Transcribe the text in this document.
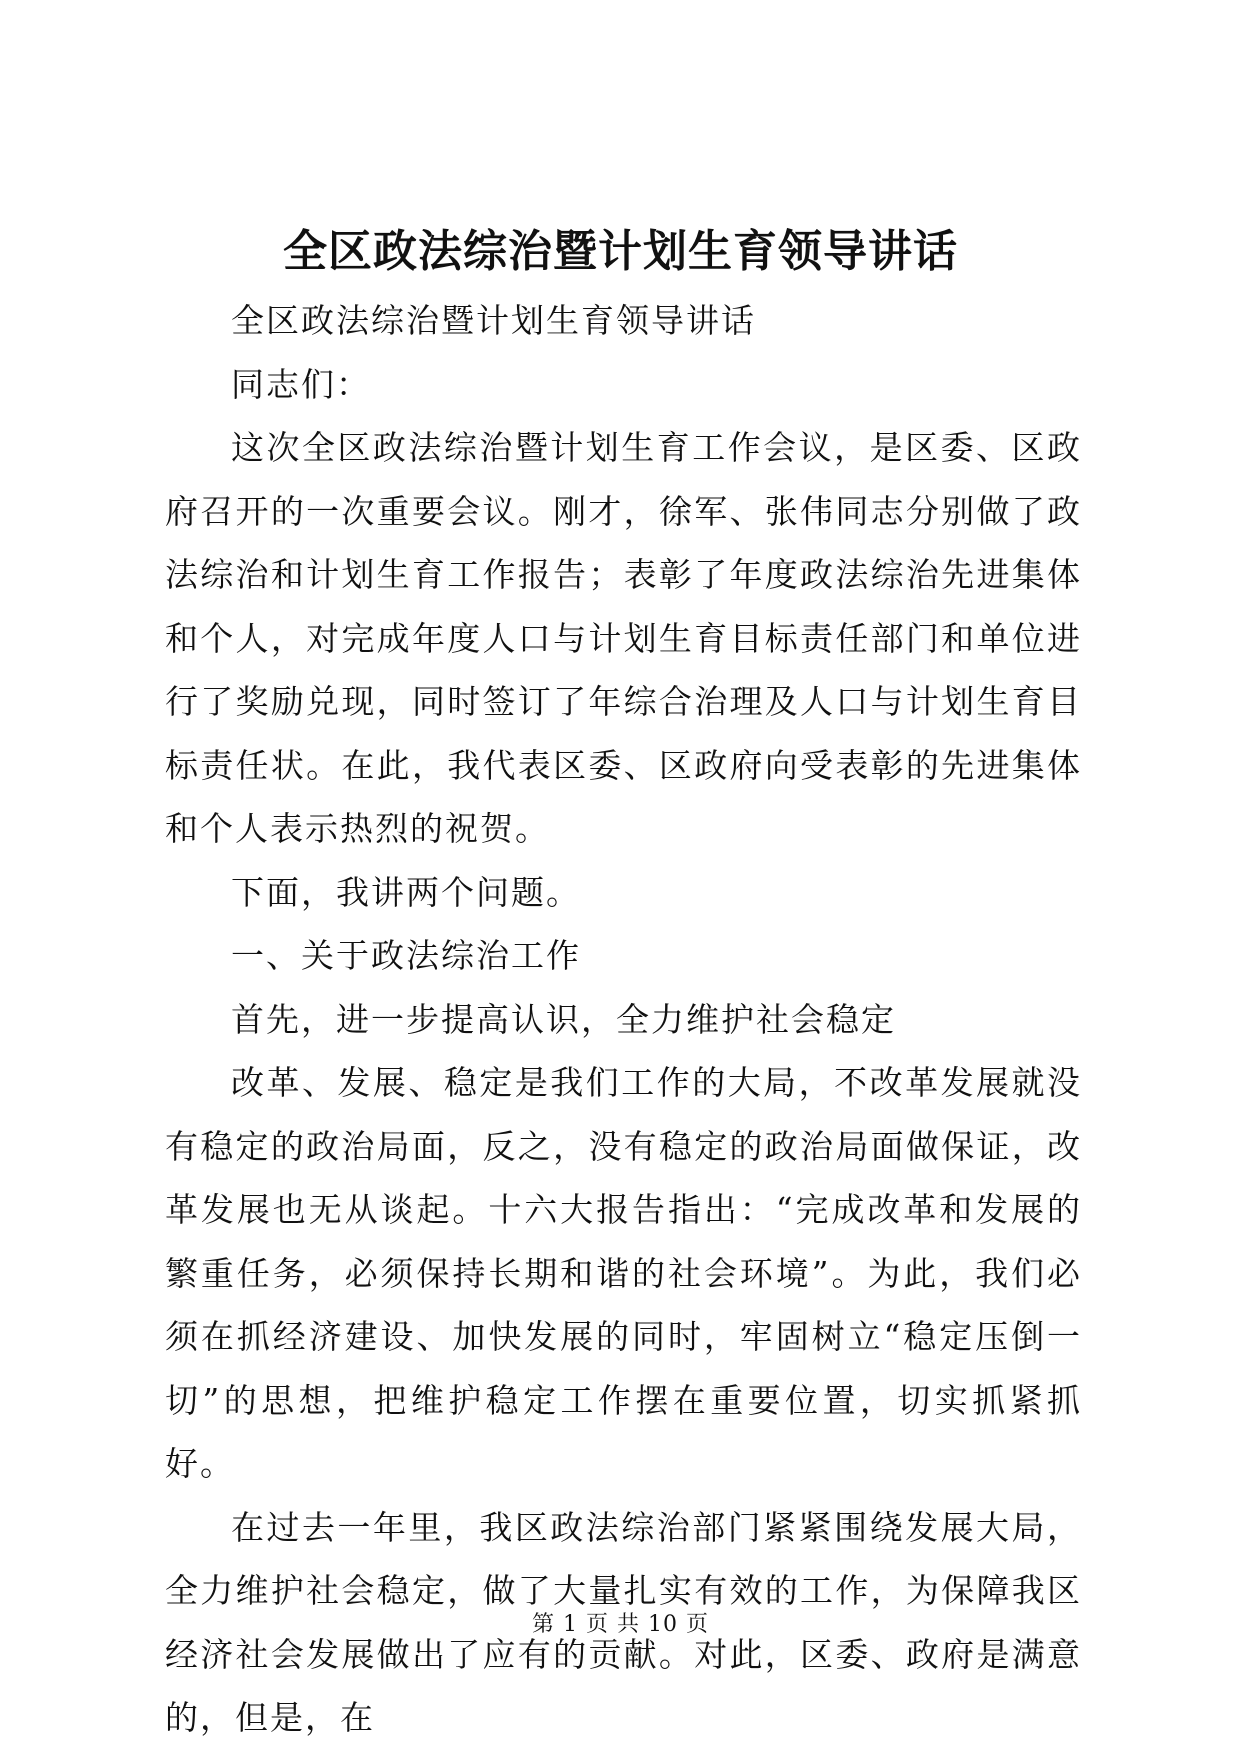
全区政法综治暨计划生育领导讲话

全区政法综治暨计划生育领导讲话

同志们：

这次全区政法综治暨计划生育工作会议，是区委、区政府召开的一次重要会议。刚才，徐军、张伟同志分别做了政法综治和计划生育工作报告；表彰了年度政法综治先进集体和个人，对完成年度人口与计划生育目标责任部门和单位进行了奖励兑现，同时签订了年综合治理及人口与计划生育目标责任状。在此，我代表区委、区政府向受表彰的先进集体和个人表示热烈的祝贺。

下面，我讲两个问题。

一、关于政法综治工作

首先，进一步提高认识，全力维护社会稳定

改革、发展、稳定是我们工作的大局，不改革发展就没有稳定的政治局面，反之，没有稳定的政治局面做保证，改革发展也无从谈起。十六大报告指出：“完成改革和发展的繁重任务，必须保持长期和谐的社会环境”。为此，我们必须在抓经济建设、加快发展的同时，牢固树立“稳定压倒一切”的思想，把维护稳定工作摆在重要位置，切实抓紧抓好。

在过去一年里，我区政法综治部门紧紧围绕发展大局，全力维护社会稳定，做了大量扎实有效的工作，为保障我区经济社会发展做出了应有的贡献。对此，区委、政府是满意的，但是，在

第 1 页 共 10 页
